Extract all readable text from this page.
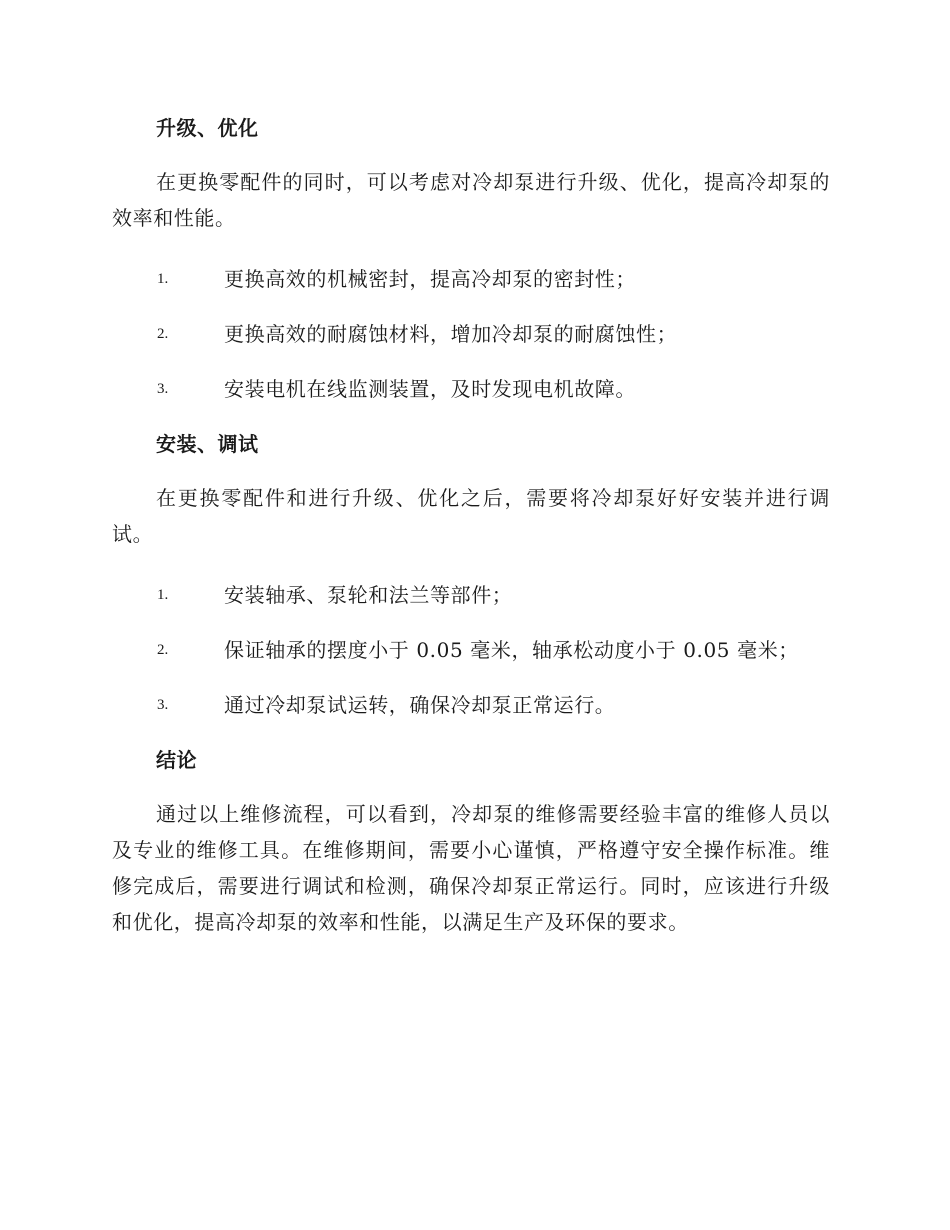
升级、优化
在更换零配件的同时，可以考虑对冷却泵进行升级、优化，提高冷却泵的效率和性能。
1.	更换高效的机械密封，提高冷却泵的密封性；
2.	更换高效的耐腐蚀材料，增加冷却泵的耐腐蚀性；
3.	安装电机在线监测装置，及时发现电机故障。
安装、调试
在更换零配件和进行升级、优化之后，需要将冷却泵好好安装并进行调试。
1.	安装轴承、泵轮和法兰等部件；
2.	保证轴承的摆度小于 0.05 毫米，轴承松动度小于 0.05 毫米；
3.	通过冷却泵试运转，确保冷却泵正常运行。
结论
通过以上维修流程，可以看到，冷却泵的维修需要经验丰富的维修人员以及专业的维修工具。在维修期间，需要小心谨慎，严格遵守安全操作标准。维修完成后，需要进行调试和检测，确保冷却泵正常运行。同时，应该进行升级和优化，提高冷却泵的效率和性能，以满足生产及环保的要求。
